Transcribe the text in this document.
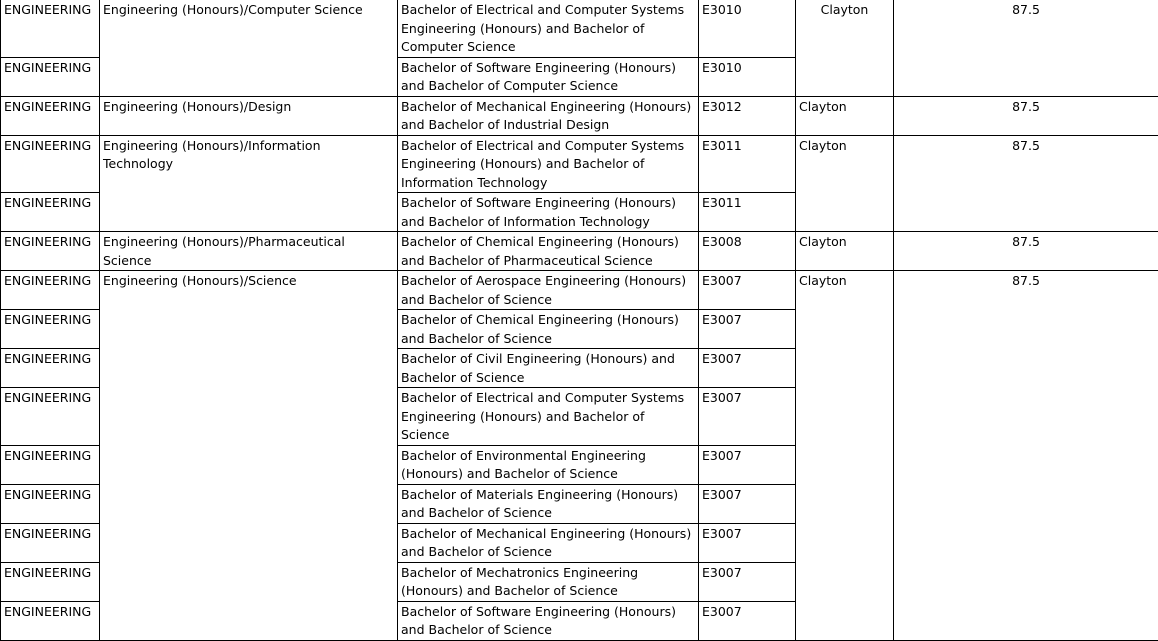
ENGINEERING	Engineering (Honours)/Computer Science	Bachelor of Electrical and Computer Systems Engineering (Honours) and Bachelor of Computer Science	E3010	Clayton	87.5
ENGINEERING		Bachelor of Software Engineering (Honours) and Bachelor of Computer Science	E3010		
ENGINEERING	Engineering (Honours)/Design	Bachelor of Mechanical Engineering (Honours) and Bachelor of Industrial Design	E3012	Clayton	87.5
ENGINEERING	Engineering (Honours)/Information Technology	Bachelor of Electrical and Computer Systems Engineering (Honours) and Bachelor of Information Technology	E3011	Clayton	87.5
ENGINEERING		Bachelor of Software Engineering (Honours) and Bachelor of Information Technology	E3011		
ENGINEERING	Engineering (Honours)/Pharmaceutical Science	Bachelor of Chemical Engineering (Honours) and Bachelor of Pharmaceutical Science	E3008	Clayton	87.5
ENGINEERING	Engineering (Honours)/Science	Bachelor of Aerospace Engineering (Honours) and Bachelor of Science	E3007	Clayton	87.5
ENGINEERING		Bachelor of Chemical Engineering (Honours) and Bachelor of Science	E3007		
ENGINEERING		Bachelor of Civil Engineering (Honours) and Bachelor of Science	E3007		
ENGINEERING		Bachelor of Electrical and Computer Systems Engineering (Honours) and Bachelor of Science	E3007		
ENGINEERING		Bachelor of Environmental Engineering (Honours) and Bachelor of Science	E3007		
ENGINEERING		Bachelor of Materials Engineering (Honours) and Bachelor of Science	E3007		
ENGINEERING		Bachelor of Mechanical Engineering (Honours) and Bachelor of Science	E3007		
ENGINEERING		Bachelor of Mechatronics Engineering (Honours) and Bachelor of Science	E3007		
ENGINEERING		Bachelor of Software Engineering (Honours) and Bachelor of Science	E3007		
